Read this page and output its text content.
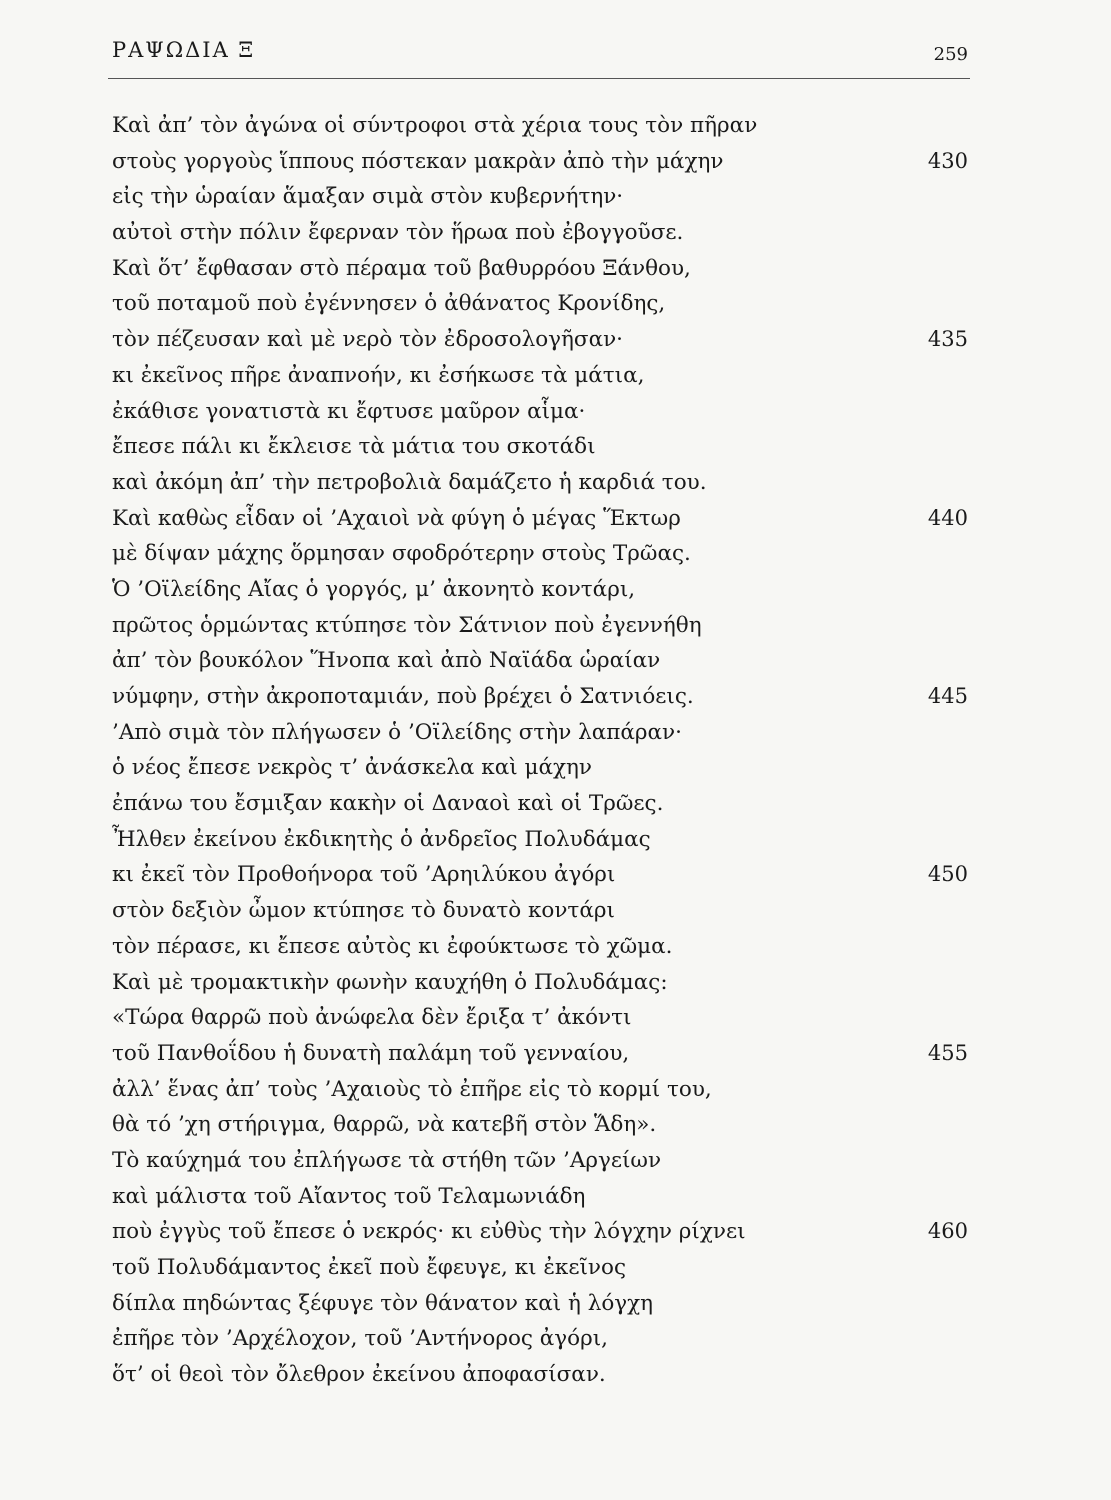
ΡΑΨΩΔΙΑ Ξ	259
Καὶ ἀπ’ τὸν ἀγώνα οἱ σύντροφοι στὰ χέρια τους τὸν πῆραν
στοὺς γοργοὺς ἵππους πόστεκαν μακρὰν ἀπὸ τὴν μάχην	430
εἰς τὴν ὡραίαν ἅμαξαν σιμὰ στὸν κυβερνήτην·
αὐτοὶ στὴν πόλιν ἔφερναν τὸν ἥρωα ποὺ ἐβογγοῦσε.
Καὶ ὅτ’ ἔφθασαν στὸ πέραμα τοῦ βαθυρρόου Ξάνθου,
τοῦ ποταμοῦ ποὺ ἐγέννησεν ὁ ἀθάνατος Κρονίδης,
τὸν πέζευσαν καὶ μὲ νερὸ τὸν ἐδροσολογῆσαν·	435
κι ἐκεῖνος πῆρε ἀναπνοήν, κι ἐσήκωσε τὰ μάτια,
ἐκάθισε γονατιστὰ κι ἔφτυσε μαῦρον αἷμα·
ἔπεσε πάλι κι ἔκλεισε τὰ μάτια του σκοτάδι
καὶ ἀκόμη ἀπ’ τὴν πετροβολιὰ δαμάζετο ἡ καρδιά του.
Καὶ καθὼς εἶδαν οἱ ’Αχαιοὶ νὰ φύγη ὁ μέγας Ἕκτωρ	440
μὲ δίψαν μάχης ὅρμησαν σφοδρότερην στοὺς Τρῶας.
Ὁ ’Οϊλείδης Αἴας ὁ γοργός, μ’ ἀκονητὸ κοντάρι,
πρῶτος ὁρμώντας κτύπησε τὸν Σάτνιον ποὺ ἐγεννήθη
ἀπ’ τὸν βουκόλον Ἥνοπα καὶ ἀπὸ Ναϊάδα ὡραίαν
νύμφην, στὴν ἀκροποταμιάν, ποὺ βρέχει ὁ Σατνιόεις.	445
’Απὸ σιμὰ τὸν πλήγωσεν ὁ ’Οϊλείδης στὴν λαπάραν·
ὁ νέος ἔπεσε νεκρὸς τ’ ἀνάσκελα καὶ μάχην
ἐπάνω του ἔσμιξαν κακὴν οἱ Δαναοὶ καὶ οἱ Τρῶες.
Ἦλθεν ἐκείνου ἐκδικητὴς ὁ ἀνδρεῖος Πολυδάμας
κι ἐκεῖ τὸν Προθοήνορα τοῦ ’Αρηιλύκου ἀγόρι	450
στὸν δεξιὸν ὦμον κτύπησε τὸ δυνατὸ κοντάρι
τὸν πέρασε, κι ἔπεσε αὐτὸς κι ἐφούκτωσε τὸ χῶμα.
Καὶ μὲ τρομακτικὴν φωνὴν καυχήθη ὁ Πολυδάμας:
«Τώρα θαρρῶ ποὺ ἀνώφελα δὲν ἔριξα τ’ ἀκόντι
τοῦ Πανθοΐδου ἡ δυνατὴ παλάμη τοῦ γενναίου,	455
ἀλλ’ ἕνας ἀπ’ τοὺς ’Αχαιοὺς τὸ ἐπῆρε εἰς τὸ κορμί του,
θὰ τό ’χη στήριγμα, θαρρῶ, νὰ κατεβῆ στὸν Ἅδη».
Τὸ καύχημά του ἐπλήγωσε τὰ στήθη τῶν ’Αργείων
καὶ μάλιστα τοῦ Αἴαντος τοῦ Τελαμωνιάδη
ποὺ ἐγγὺς τοῦ ἔπεσε ὁ νεκρός· κι εὐθὺς τὴν λόγχην ρίχνει	460
τοῦ Πολυδάμαντος ἐκεῖ ποὺ ἔφευγε, κι ἐκεῖνος
δίπλα πηδώντας ξέφυγε τὸν θάνατον καὶ ἡ λόγχη
ἐπῆρε τὸν ’Αρχέλοχον, τοῦ ’Αντήνορος ἀγόρι,
ὅτ’ οἱ θεοὶ τὸν ὄλεθρον ἐκείνου ἀποφασίσαν.
